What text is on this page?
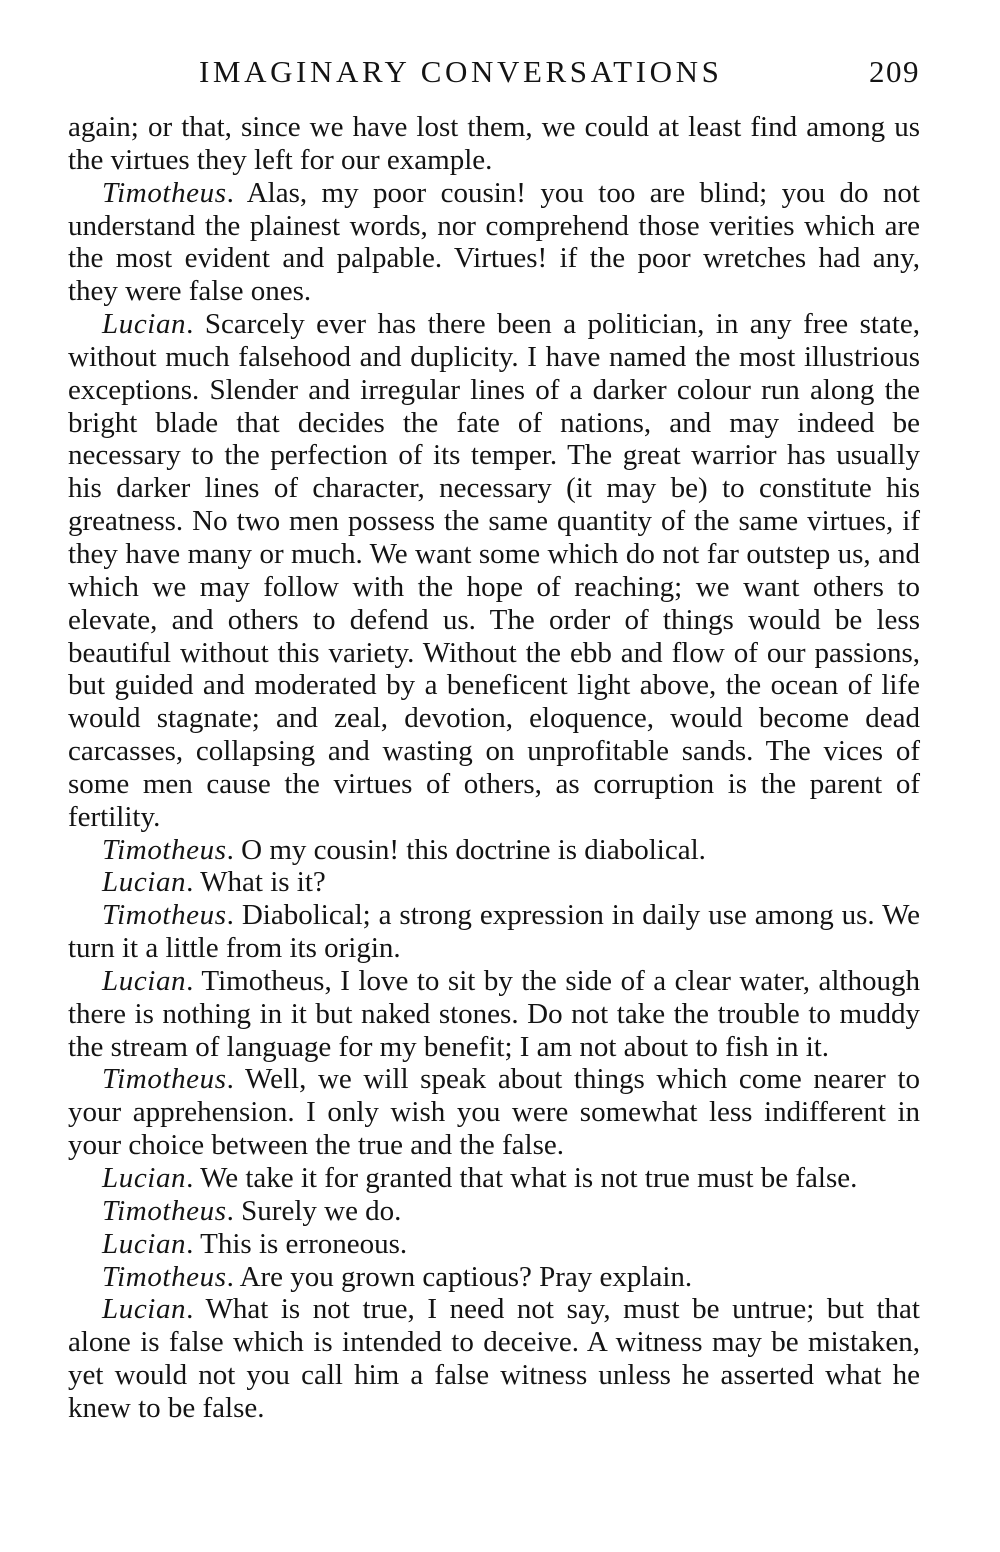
IMAGINARY CONVERSATIONS	209

again; or that, since we have lost them, we could at least find among us the virtues they left for our example.

Timotheus. Alas, my poor cousin! you too are blind; you do not understand the plainest words, nor comprehend those verities which are the most evident and palpable. Virtues! if the poor wretches had any, they were false ones.

Lucian. Scarcely ever has there been a politician, in any free state, without much falsehood and duplicity. I have named the most illustrious exceptions. Slender and irregular lines of a darker colour run along the bright blade that decides the fate of nations, and may indeed be necessary to the perfection of its temper. The great warrior has usually his darker lines of character, necessary (it may be) to constitute his greatness. No two men possess the same quantity of the same virtues, if they have many or much. We want some which do not far outstep us, and which we may follow with the hope of reaching; we want others to elevate, and others to defend us. The order of things would be less beautiful without this variety. Without the ebb and flow of our passions, but guided and moderated by a beneficent light above, the ocean of life would stagnate; and zeal, devotion, eloquence, would become dead carcasses, collapsing and wasting on unprofitable sands. The vices of some men cause the virtues of others, as corruption is the parent of fertility.

Timotheus. O my cousin! this doctrine is diabolical.

Lucian. What is it?

Timotheus. Diabolical; a strong expression in daily use among us. We turn it a little from its origin.

Lucian. Timotheus, I love to sit by the side of a clear water, although there is nothing in it but naked stones. Do not take the trouble to muddy the stream of language for my benefit; I am not about to fish in it.

Timotheus. Well, we will speak about things which come nearer to your apprehension. I only wish you were somewhat less indifferent in your choice between the true and the false.

Lucian. We take it for granted that what is not true must be false.

Timotheus. Surely we do.

Lucian. This is erroneous.

Timotheus. Are you grown captious? Pray explain.

Lucian. What is not true, I need not say, must be untrue; but that alone is false which is intended to deceive. A witness may be mistaken, yet would not you call him a false witness unless he asserted what he knew to be false.
